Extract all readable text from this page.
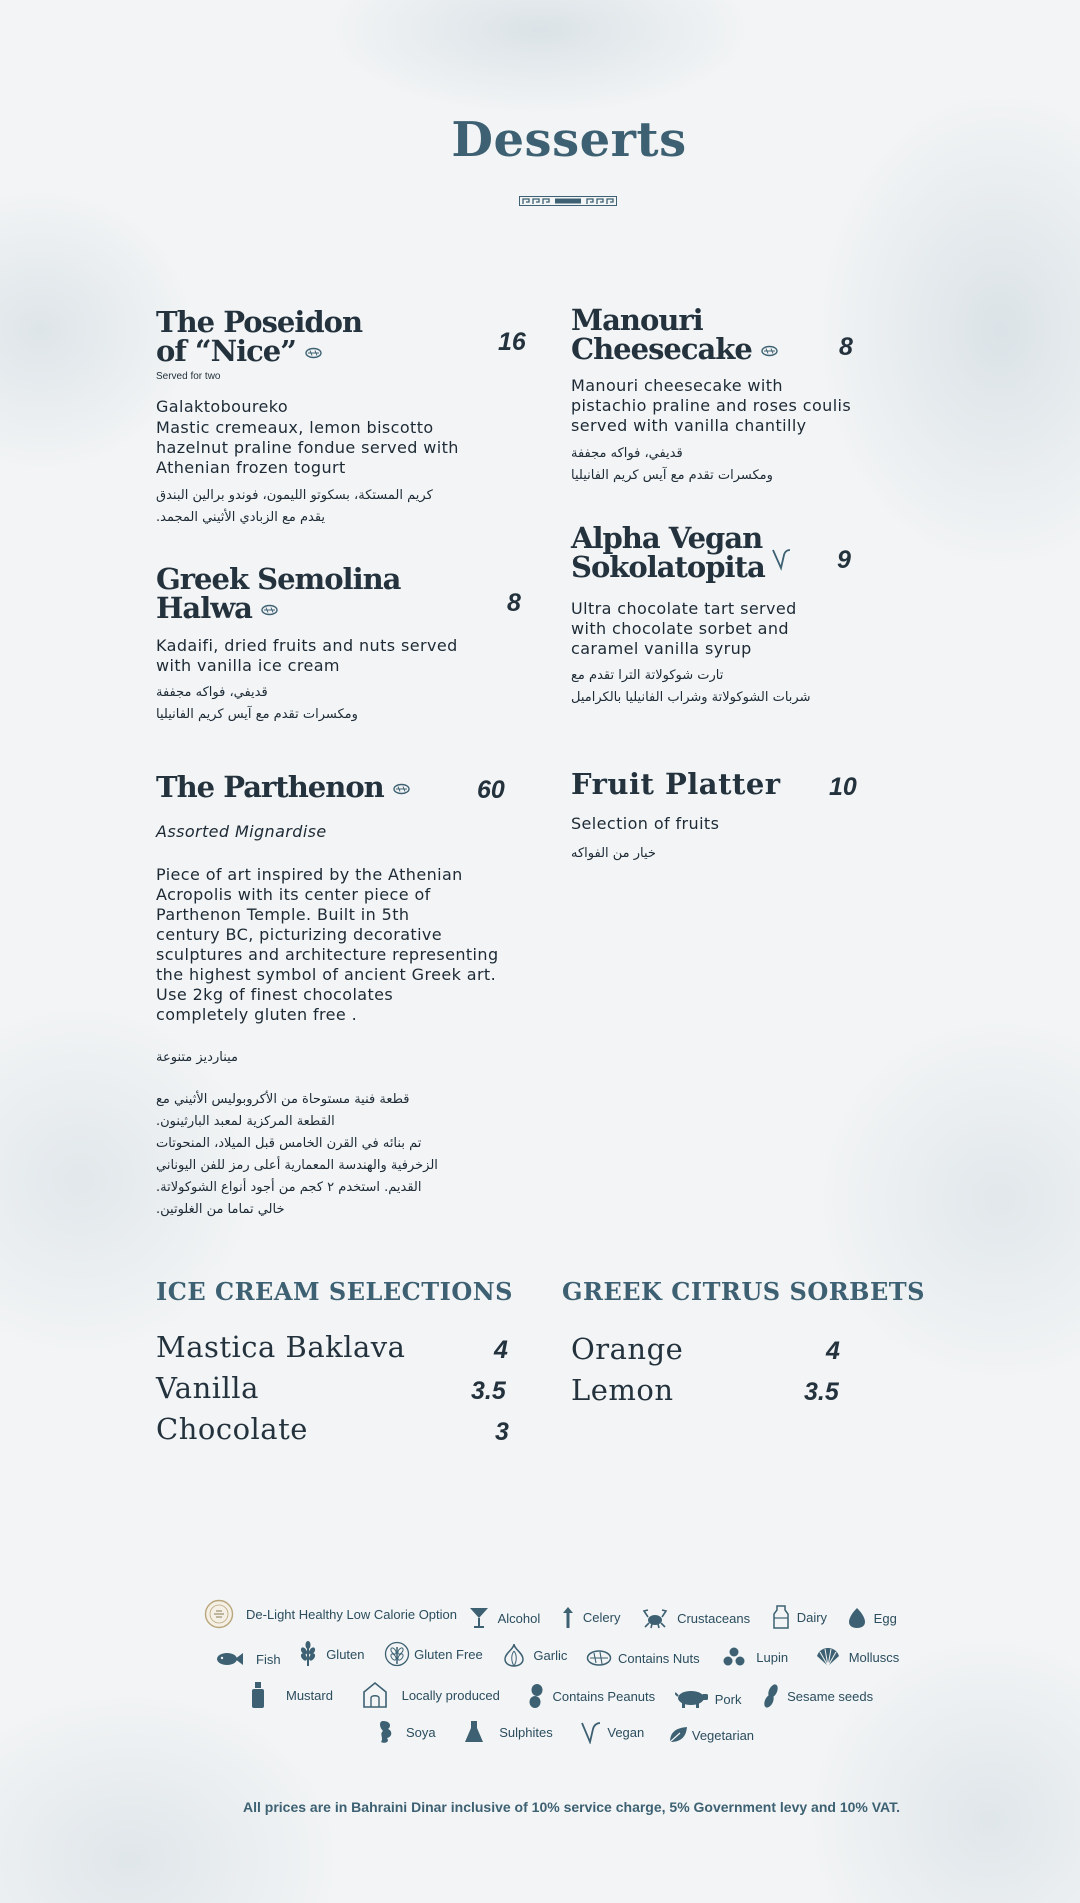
Desserts
The Poseidon
of “Nice”	16
Served for two
Galaktoboureko
Mastic cremeaux, lemon biscotto
hazelnut praline fondue served with
Athenian frozen togurt
كريم المستكة، بسكوتو الليمون، فوندو برالين البندق
يقدم مع الزبادي الأثيني المجمد.
Greek Semolina
Halwa	8
Kadaifi, dried fruits and nuts served
with vanilla ice cream
قديفي، فواكه مجففة
ومكسرات تقدم مع آيس كريم الفانيليا
The Parthenon	60
Assorted Mignardise
Piece of art inspired by the Athenian
Acropolis with its center piece of
Parthenon Temple. Built in 5th
century BC, picturizing decorative
sculptures and architecture representing
the highest symbol of ancient Greek art.
Use 2kg of finest chocolates
completely gluten free .
مينارديز متنوعة
قطعة فنية مستوحاة من الأكروبوليس الأثيني مع
القطعة المركزية لمعبد البارثينون.
تم بنائه في القرن الخامس قبل الميلاد، المنحوتات
الزخرفية والهندسة المعمارية أعلى رمز للفن اليوناني
القديم. استخدم ٢ كجم من أجود أنواع الشوكولاتة.
خالي تماما من الغلوتين.
Manouri
Cheesecake	8
Manouri cheesecake with
pistachio praline and roses coulis
served with vanilla chantilly
قديفي، فواكه مجففة
ومكسرات تقدم مع آيس كريم الفانيليا
Alpha Vegan
Sokolatopita	9
Ultra chocolate tart served
with chocolate sorbet and
caramel vanilla syrup
تارت شوكولاتة الترا تقدم مع
شربات الشوكولاتة وشراب الفانيليا بالكراميل
Fruit Platter 10
Selection of fruits
خيار من الفواكه
ICE CREAM SELECTIONS
Mastica Baklava	4
Vanilla	3.5
Chocolate	3
GREEK CITRUS SORBETS
Orange	4
Lemon	3.5
De-Light Healthy Low Calorie Option
	Alcohol
	Celery
	Crustaceans
	Dairy
	Egg
Fish
	Gluten
	Gluten Free
	Garlic
	Contains Nuts
	Lupin
	Molluscs
Mustard
	Locally produced
	Contains Peanuts
	Pork
	Sesame seeds
Soya
	Sulphites
	Vegan
	Vegetarian
All prices are in Bahraini Dinar inclusive of 10% service charge, 5% Government levy and 10% VAT.
